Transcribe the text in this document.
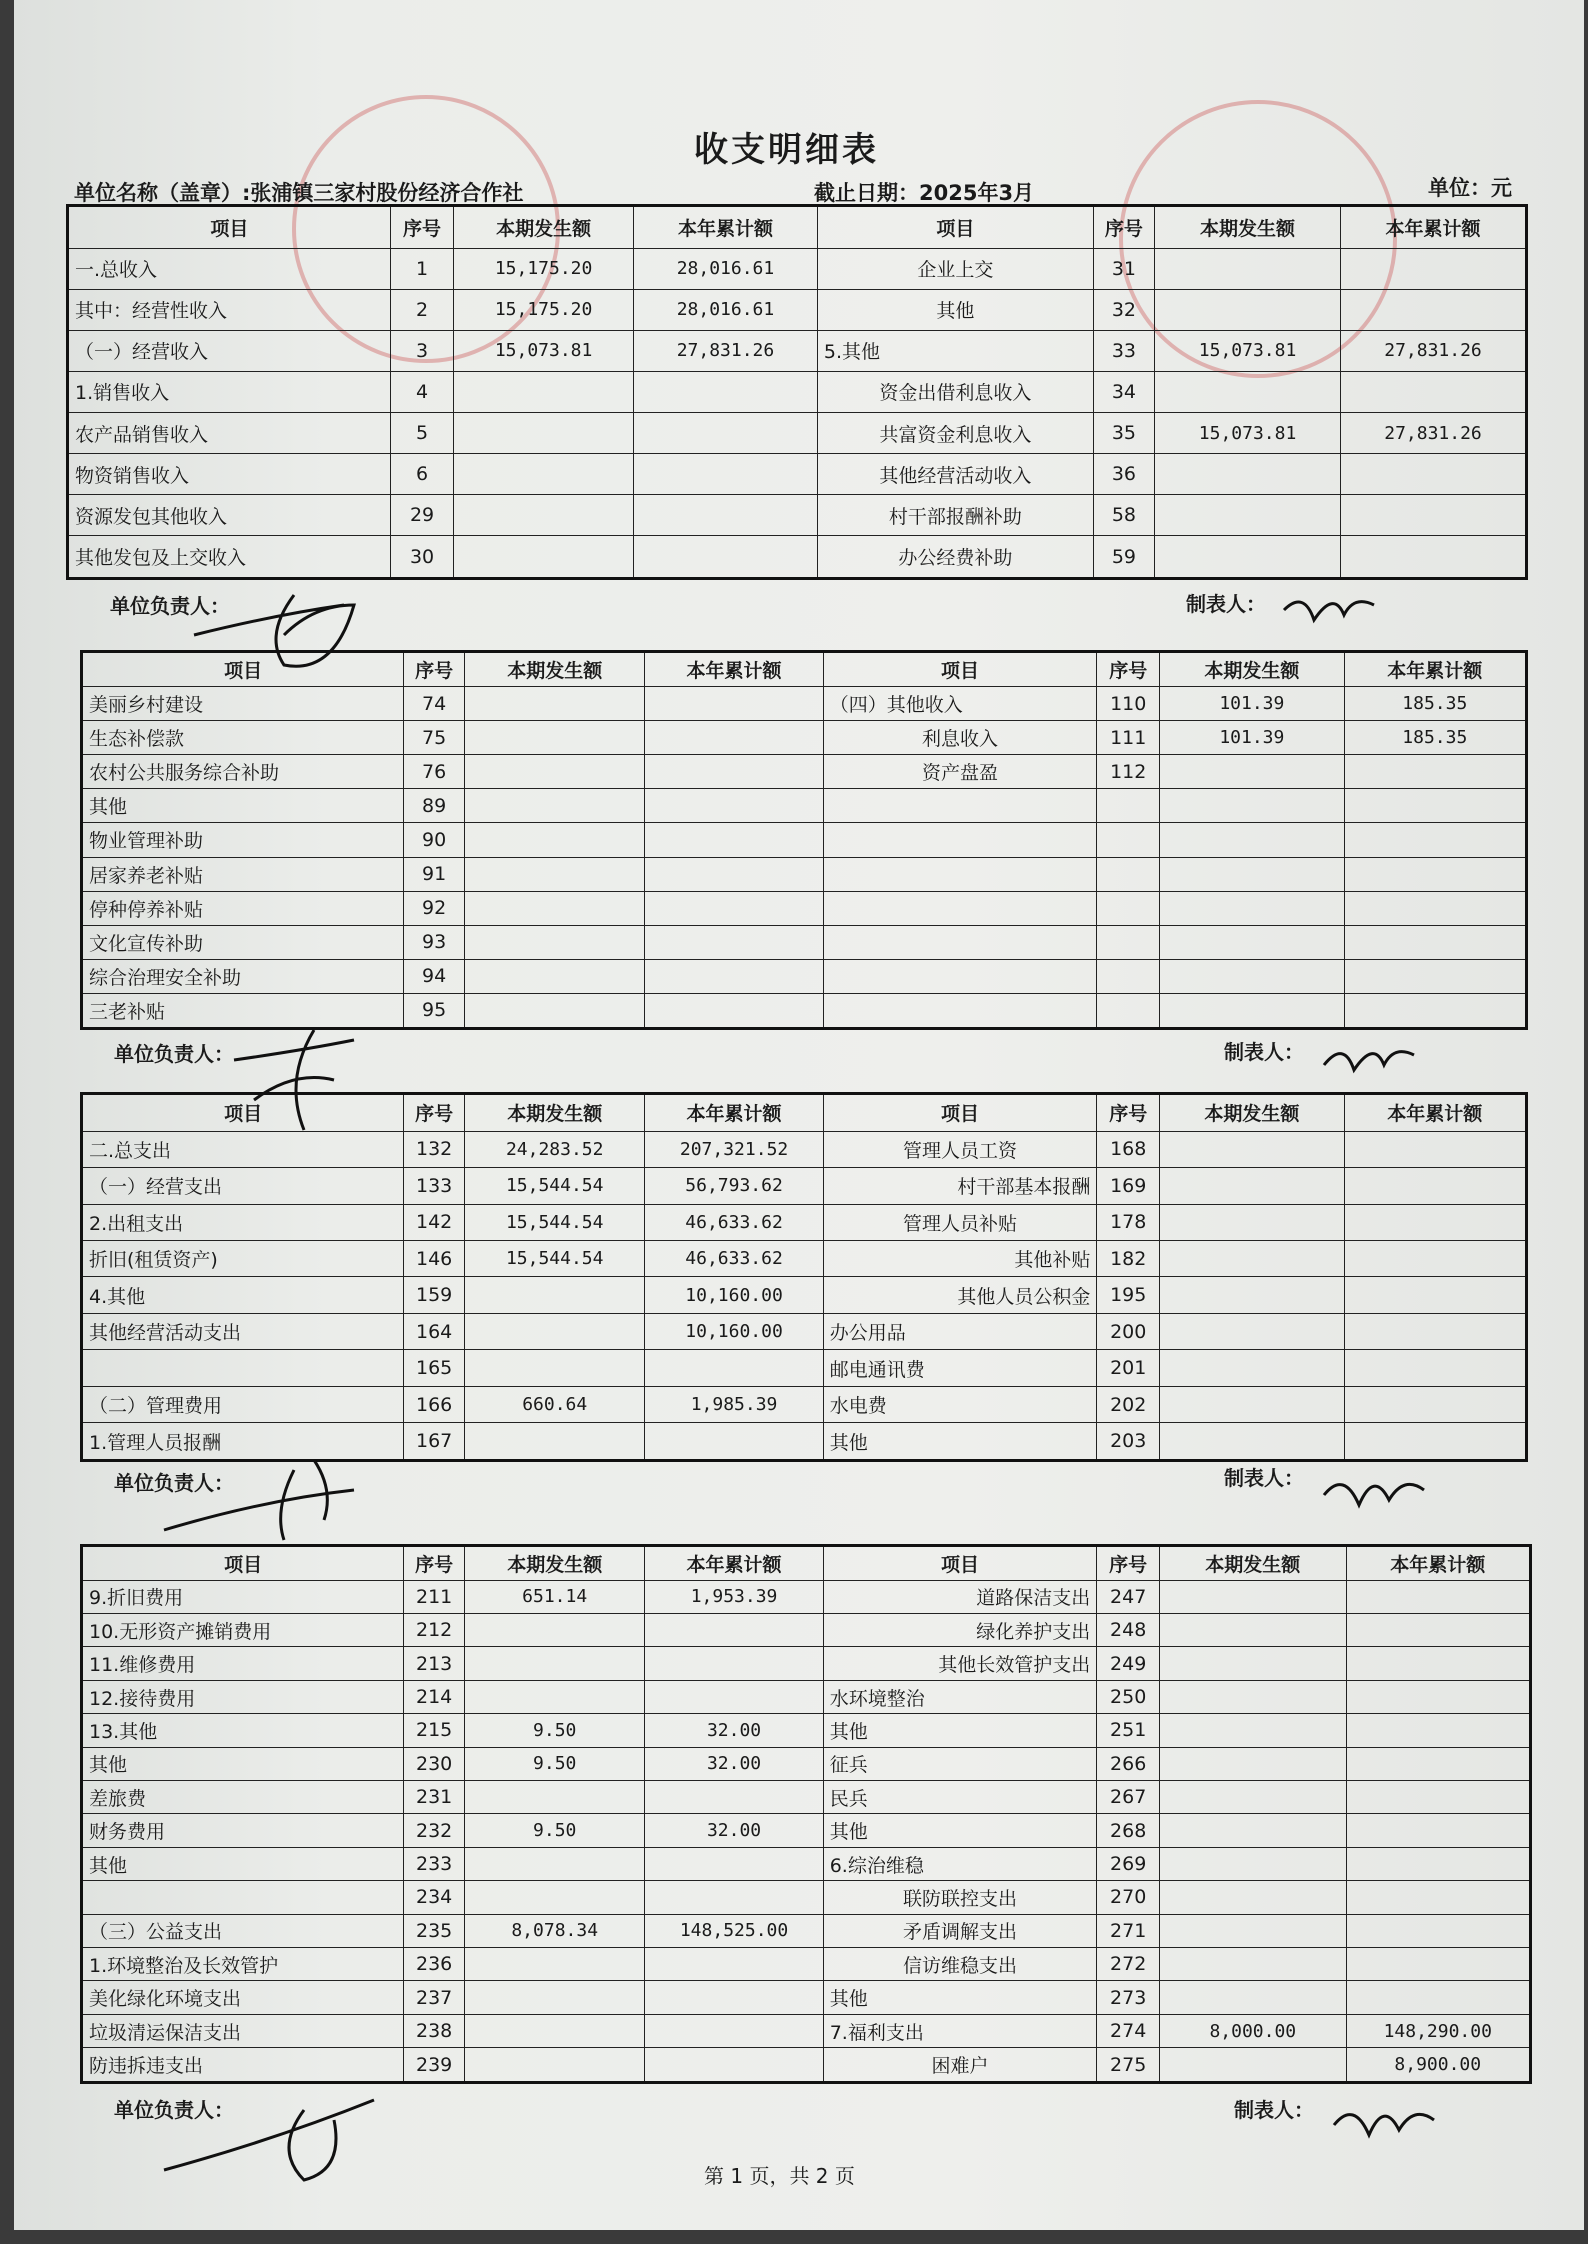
收支明细表
单位名称（盖章）:张浦镇三家村股份经济合作社	截止日期：2025年3月	单位：元
项目	序号	本期发生额	本年累计额	项目	序号	本期发生额	本年累计额
一.总收入	1	15,175.20	28,016.61	企业上交	31		
其中：经营性收入	2	15,175.20	28,016.61	其他	32		
（一）经营收入	3	15,073.81	27,831.26	5.其他	33	15,073.81	27,831.26
1.销售收入	4			资金出借利息收入	34		
农产品销售收入	5			共富资金利息收入	35	15,073.81	27,831.26
物资销售收入	6			其他经营活动收入	36		
资源发包其他收入	29			村干部报酬补助	58		
其他发包及上交收入	30			办公经费补助	59		
单位负责人：	制表人：
项目	序号	本期发生额	本年累计额	项目	序号	本期发生额	本年累计额
美丽乡村建设	74			（四）其他收入	110	101.39	185.35
生态补偿款	75			利息收入	111	101.39	185.35
农村公共服务综合补助	76			资产盘盈	112		
其他	89						
物业管理补助	90						
居家养老补贴	91						
停种停养补贴	92						
文化宣传补助	93						
综合治理安全补助	94						
三老补贴	95						
单位负责人：	制表人：
项目	序号	本期发生额	本年累计额	项目	序号	本期发生额	本年累计额
二.总支出	132	24,283.52	207,321.52	管理人员工资	168		
（一）经营支出	133	15,544.54	56,793.62	村干部基本报酬	169		
2.出租支出	142	15,544.54	46,633.62	管理人员补贴	178		
折旧(租赁资产)	146	15,544.54	46,633.62	其他补贴	182		
4.其他	159		10,160.00	其他人员公积金	195		
其他经营活动支出	164		10,160.00	办公用品	200		
	165			邮电通讯费	201		
（二）管理费用	166	660.64	1,985.39	水电费	202		
1.管理人员报酬	167			其他	203		
单位负责人：	制表人：
项目	序号	本期发生额	本年累计额	项目	序号	本期发生额	本年累计额
9.折旧费用	211	651.14	1,953.39	道路保洁支出	247		
10.无形资产摊销费用	212			绿化养护支出	248		
11.维修费用	213			其他长效管护支出	249		
12.接待费用	214			水环境整治	250		
13.其他	215	9.50	32.00	其他	251		
其他	230	9.50	32.00	征兵	266		
差旅费	231			民兵	267		
财务费用	232	9.50	32.00	其他	268		
其他	233			6.综治维稳	269		
	234			联防联控支出	270		
（三）公益支出	235	8,078.34	148,525.00	矛盾调解支出	271		
1.环境整治及长效管护	236			信访维稳支出	272		
美化绿化环境支出	237			其他	273		
垃圾清运保洁支出	238			7.福利支出	274	8,000.00	148,290.00
防违拆违支出	239			困难户	275		8,900.00
单位负责人：	制表人：
第 1 页，共 2 页
